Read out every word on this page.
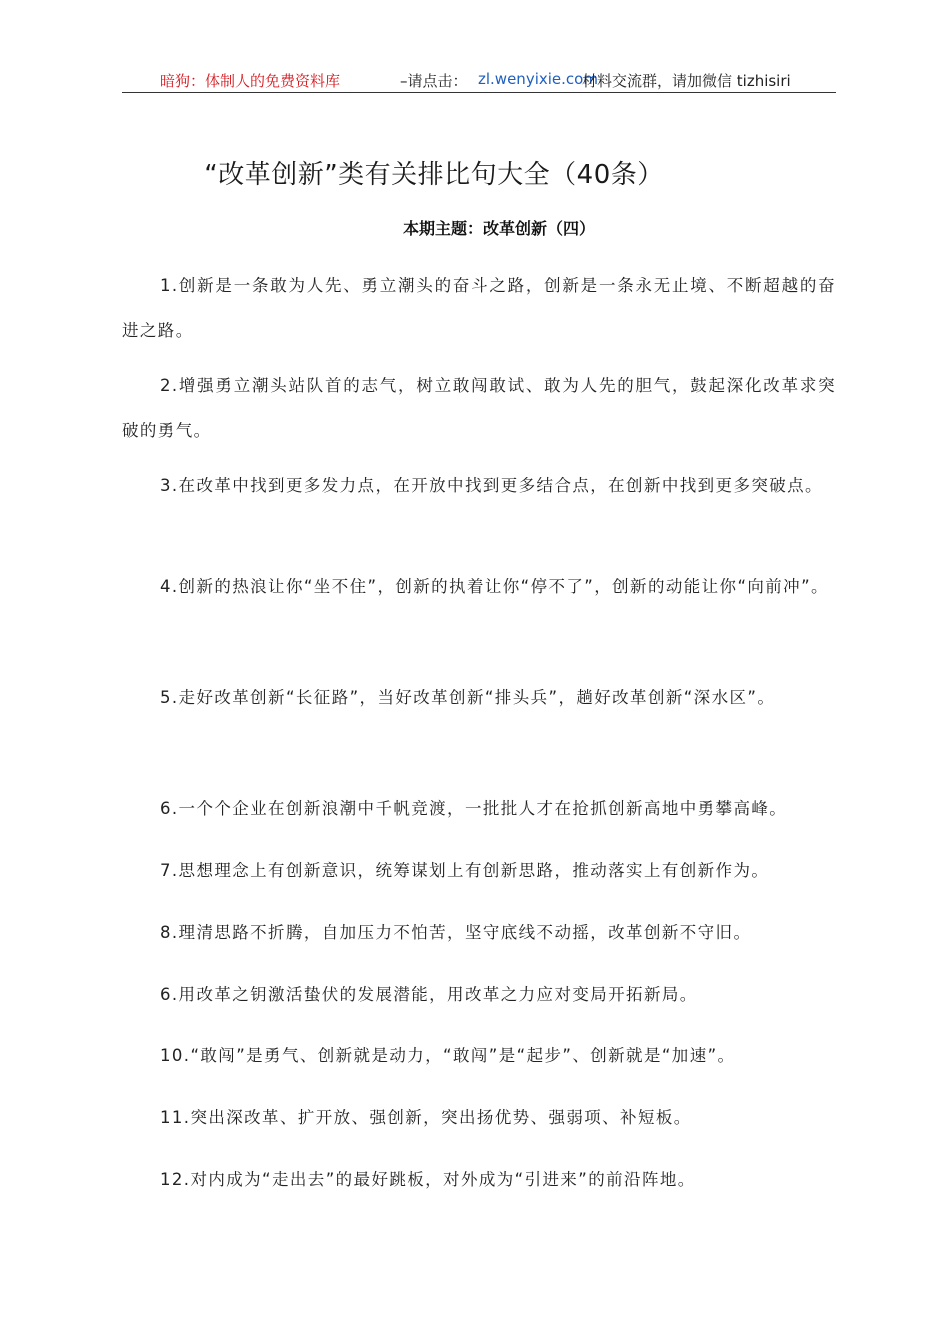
暗狗：体制人的免费资料库	–请点击： zl.wenyixie.com
材料交流群，请加微信 tizhisiri
“改革创新”类有关排比句大全（40条）
本期主题：改革创新（四）
1.创新是一条敢为人先、勇立潮头的奋斗之路，创新是一条永无止境、不断超越的奋进之路。
2.增强勇立潮头站队首的志气，树立敢闯敢试、敢为人先的胆气，鼓起深化改革求突破的勇气。
3.在改革中找到更多发力点，在开放中找到更多结合点，在创新中找到更多突破点。
4.创新的热浪让你“坐不住”，创新的执着让你“停不了”，创新的动能让你“向前冲”。
5.走好改革创新“长征路”，当好改革创新“排头兵”，趟好改革创新“深水区”。
6.一个个企业在创新浪潮中千帆竞渡，一批批人才在抢抓创新高地中勇攀高峰。
7.思想理念上有创新意识，统筹谋划上有创新思路，推动落实上有创新作为。
8.理清思路不折腾，自加压力不怕苦，坚守底线不动摇，改革创新不守旧。
6.用改革之钥激活蛰伏的发展潜能，用改革之力应对变局开拓新局。
10.“敢闯”是勇气、创新就是动力，“敢闯”是“起步”、创新就是“加速”。
11.突出深改革、扩开放、强创新，突出扬优势、强弱项、补短板。
12.对内成为“走出去”的最好跳板，对外成为“引进来”的前沿阵地。
